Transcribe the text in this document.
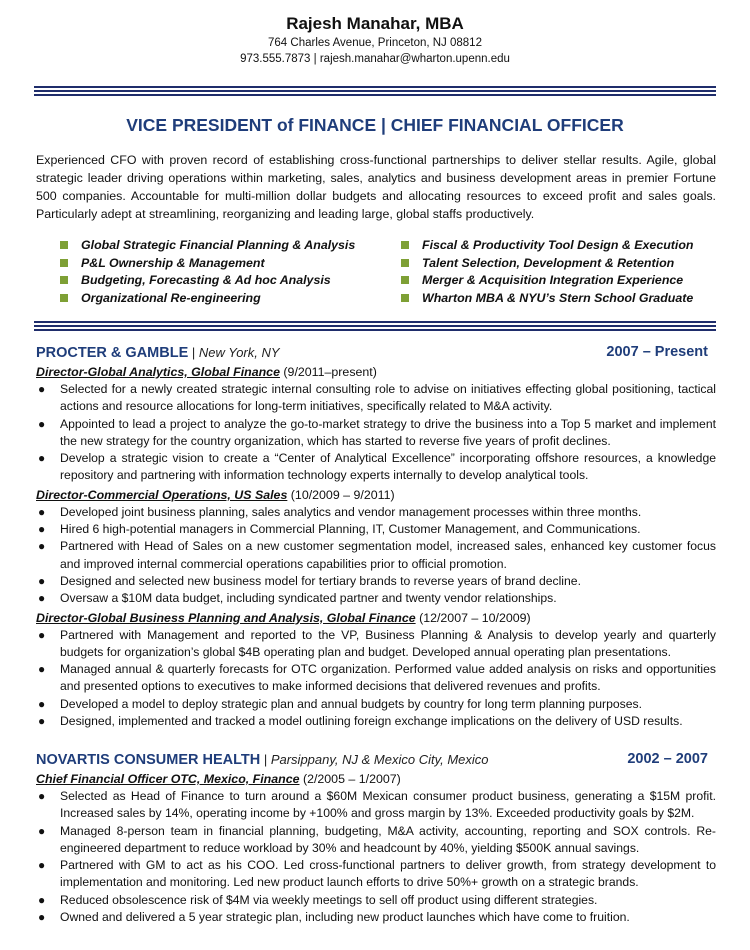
Rajesh Manahar, MBA
764 Charles Avenue, Princeton, NJ 08812
973.555.7873 | rajesh.manahar@wharton.upenn.edu
VICE PRESIDENT of FINANCE | CHIEF FINANCIAL OFFICER
Experienced CFO with proven record of establishing cross-functional partnerships to deliver stellar results. Agile, global strategic leader driving operations within marketing, sales, analytics and business development areas in premier Fortune 500 companies. Accountable for multi-million dollar budgets and allocating resources to exceed profit and sales goals. Particularly adept at streamlining, reorganizing and leading large, global staffs productively.
Global Strategic Financial Planning & Analysis
P&L Ownership & Management
Budgeting, Forecasting & Ad hoc Analysis
Organizational Re-engineering
Fiscal & Productivity Tool Design & Execution
Talent Selection, Development & Retention
Merger & Acquisition Integration Experience
Wharton MBA & NYU’s Stern School Graduate
PROCTER & GAMBLE | New York, NY	2007 – Present
Director-Global Analytics, Global Finance (9/2011–present)
● Selected for a newly created strategic internal consulting role to advise on initiatives effecting global positioning, tactical actions and resource allocations for long-term initiatives, specifically related to M&A activity.
● Appointed to lead a project to analyze the go-to-market strategy to drive the business into a Top 5 market and implement the new strategy for the country organization, which has started to reverse five years of profit declines.
● Develop a strategic vision to create a “Center of Analytical Excellence” incorporating offshore resources, a knowledge repository and partnering with information technology experts internally to develop analytical tools.
Director-Commercial Operations, US Sales (10/2009 – 9/2011)
● Developed joint business planning, sales analytics and vendor management processes within three months.
● Hired 6 high-potential managers in Commercial Planning, IT, Customer Management, and Communications.
● Partnered with Head of Sales on a new customer segmentation model, increased sales, enhanced key customer focus and improved internal commercial operations capabilities prior to official promotion.
● Designed and selected new business model for tertiary brands to reverse years of brand decline.
● Oversaw a $10M data budget, including syndicated partner and twenty vendor relationships.
Director-Global Business Planning and Analysis, Global Finance (12/2007 – 10/2009)
● Partnered with Management and reported to the VP, Business Planning & Analysis to develop yearly and quarterly budgets for organization’s global $4B operating plan and budget. Developed annual operating plan presentations.
● Managed annual & quarterly forecasts for OTC organization. Performed value added analysis on risks and opportunities and presented options to executives to make informed decisions that delivered revenues and profits.
● Developed a model to deploy strategic plan and annual budgets by country for long term planning purposes.
● Designed, implemented and tracked a model outlining foreign exchange implications on the delivery of USD results.
NOVARTIS CONSUMER HEALTH | Parsippany, NJ & Mexico City, Mexico	2002 – 2007
Chief Financial Officer OTC, Mexico, Finance (2/2005 – 1/2007)
● Selected as Head of Finance to turn around a $60M Mexican consumer product business, generating a $15M profit. Increased sales by 14%, operating income by +100% and gross margin by 13%. Exceeded productivity goals by $2M.
● Managed 8-person team in financial planning, budgeting, M&A activity, accounting, reporting and SOX controls. Re-engineered department to reduce workload by 30% and headcount by 40%, yielding $500K annual savings.
● Partnered with GM to act as his COO. Led cross-functional partners to deliver growth, from strategy development to implementation and monitoring. Led new product launch efforts to drive 50%+ growth on a strategic brands.
● Reduced obsolescence risk of $4M via weekly meetings to sell off product using different strategies.
● Owned and delivered a 5 year strategic plan, including new product launches which have come to fruition.
